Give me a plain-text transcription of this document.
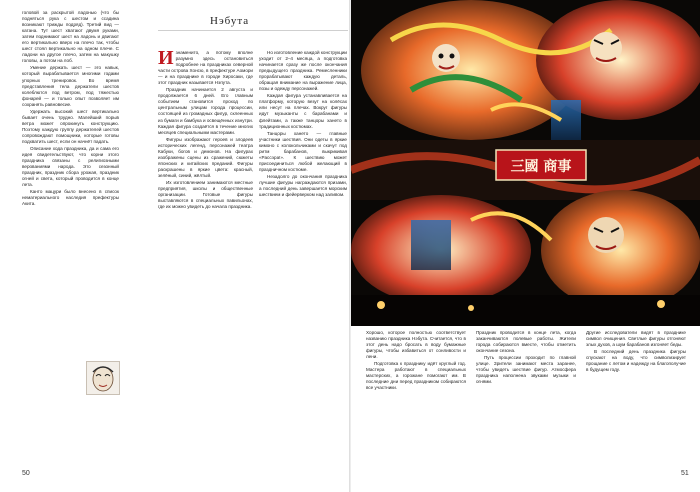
головой за раскрытой ладонью (что бы подняться рука с шестом и ссадина возникают трижды подряд). Третий вид — катана. Тут шест хватают двумя руками, затем поднимают шест на ладонь и двигают его вертикально вверх на плечо так, чтобы шест стоял вертикально на одном плече. С ладони на другое плечо, затем на макушку головы, а потом на лоб.

Умение держать шест — это навык, который вырабатывается многими годами упорных тренировок. Во время представления тела держатели шестов колеблются под ветром, под тяжестью фонарей — и только опыт позволяет им сохранять равновесие.

Удержать высокий шест вертикально бывает очень трудно. Малейший порыв ветра может опрокинуть конструкцию. Поэтому каждую группу держателей шестов сопровождают помощники, которые готовы подхватить шест, если он начнёт падать.

Описание хода праздника, да и сама его идея свидетельствуют, что корни этого праздника связаны с религиозными верованиями народа. Это сезонный праздник, праздник сбора урожая, праздник огней и света, который проводится в конце лета.

Канто мацури было внесено в список нематериального наследия префектуры Акита.

Нэбута

И знаменито, а потому вполне разумно здесь остановиться подробнее на праздниках северной части острова Хонсю, в префектуре Аомори — и на празднике в городе Хиросаки, где этот праздник называется Нэпута.

Праздник начинается 2 августа и продолжается 6 дней. Его главным событием становится проход по центральным улицам города процессии, состоящей из громадных фигур, склеенных из бумаги и бамбука и освещённых изнутри. Каждая фигура создаётся в течение многих месяцев специальными мастерами.

Фигуры изображают героев и злодеев исторических легенд, персонажей театра Кабуки, богов и демонов. На фигурах изображены сцены из сражений, сюжеты японских и китайских преданий. Фигуры раскрашены в яркие цвета: красный, зелёный, синий, жёлтый.

Их изготовлением занимаются местные предприятия, школы и общественные организации. Готовые фигуры выставляются в специальных павильонах, где их можно увидеть до начала праздника.

Но изготовление каждой конструкции уходит от 2–4 месяца, а подготовка начинается сразу же после окончания предыдущего праздника. Ремесленники прорабатывают каждую деталь, обращая внимание на выражение лица, позы и одежду персонажей.

Каждая фигура устанавливается на платформу, которую везут на колёсах или несут на плечах. Вокруг фигуры идут музыканты с барабанами и флейтами, а также танцоры хането в традиционных костюмах.

Танцоры хането — главные участники шествия. Они одеты в яркие кимоно с колокольчиками и скачут под ритм барабанов, выкрикивая «Рассэра!». К шествию может присоединиться любой желающий в праздничном костюме.

Незадолго до окончания праздника лучшие фигуры награждаются призами, а последний день завершается морским шествием и фейерверком над заливом.

50
三國 商事

Хорошо, которое полностью соответствует названию праздника Нэбута. Считается, что в этот день надо бросать в воду бумажные фигуры, чтобы избавиться от сонливости и лени.

Подготовка к празднику идёт круглый год. Мастера работают в специальных мастерских, а горожане помогают им. В последние дни перед праздником собираются все участники.

Праздник проводится в конце лета, когда заканчиваются полевые работы. Жители города собираются вместе, чтобы отметить окончание сезона.

Путь процессии проходит по главной улице. Зрители занимают места заранее, чтобы увидеть шествие фигур. Атмосфера праздника наполнена звуками музыки и огнями.

Другие исследователи видят в празднике символ очищения. Светлые фигуры отгоняют злых духов, а шум барабанов изгоняет беды.

В последний день праздника фигуры спускают на воду, что символизирует прощание с летом и надежду на благополучие в будущем году.

51
